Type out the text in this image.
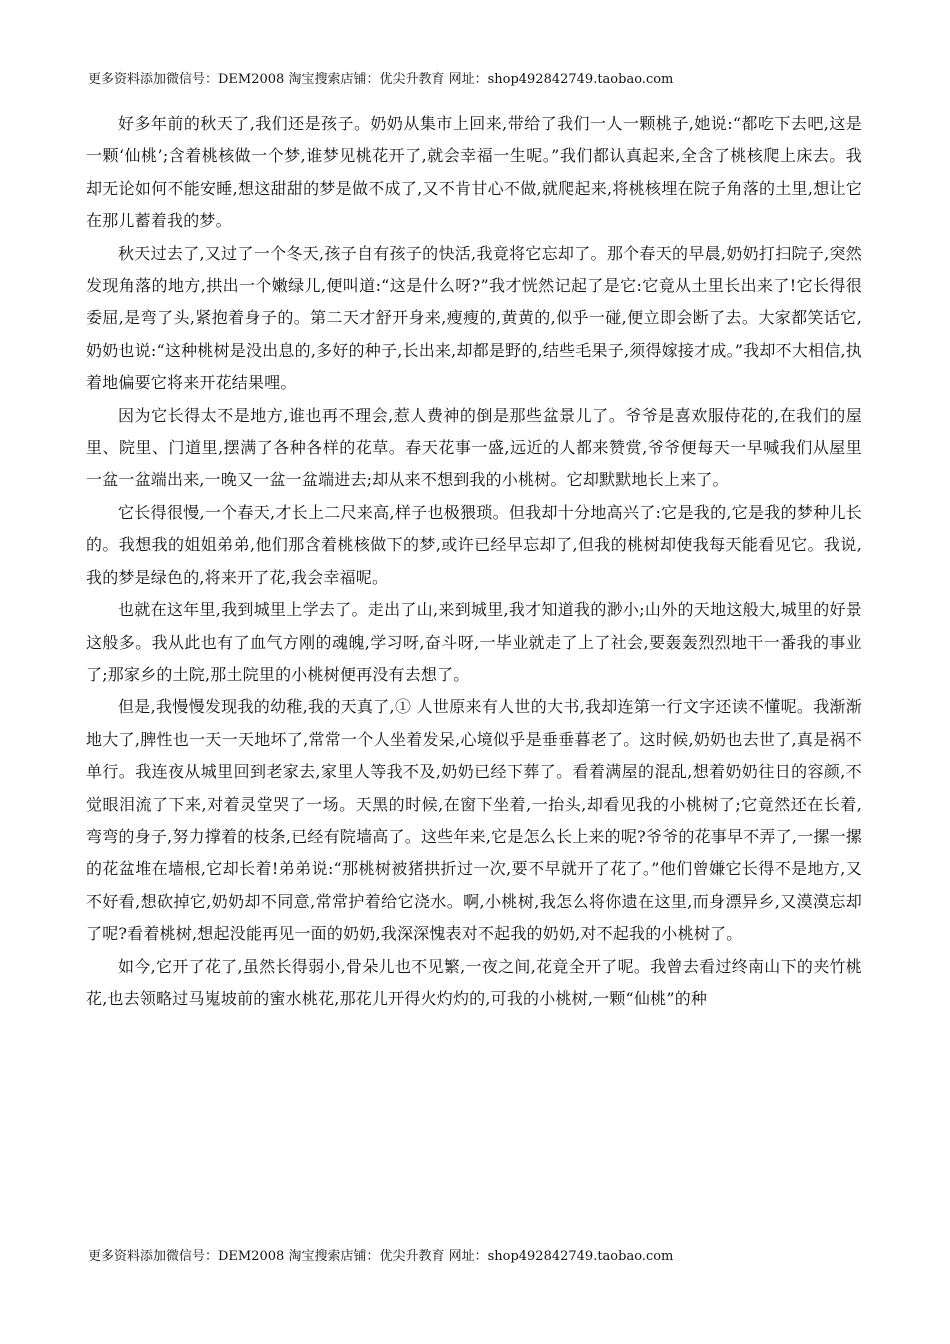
更多资料添加微信号：DEM2008 淘宝搜索店铺：优尖升教育 网址：shop492842749.taobao.com

好多年前的秋天了,我们还是孩子。奶奶从集市上回来,带给了我们一人一颗桃子,她说:“都吃下去吧,这是一颗‘仙桃’;含着桃核做一个梦,谁梦见桃花开了,就会幸福一生呢。”我们都认真起来,全含了桃核爬上床去。我却无论如何不能安睡,想这甜甜的梦是做不成了,又不肯甘心不做,就爬起来,将桃核埋在院子角落的土里,想让它在那儿蓄着我的梦。

秋天过去了,又过了一个冬天,孩子自有孩子的快活,我竟将它忘却了。那个春天的早晨,奶奶打扫院子,突然发现角落的地方,拱出一个嫩绿儿,便叫道:“这是什么呀?”我才恍然记起了是它:它竟从土里长出来了!它长得很委屈,是弯了头,紧抱着身子的。第二天才舒开身来,瘦瘦的,黄黄的,似乎一碰,便立即会断了去。大家都笑话它,奶奶也说:“这种桃树是没出息的,多好的种子,长出来,却都是野的,结些毛果子,须得嫁接才成。”我却不大相信,执着地偏要它将来开花结果哩。

因为它长得太不是地方,谁也再不理会,惹人费神的倒是那些盆景儿了。爷爷是喜欢服侍花的,在我们的屋里、院里、门道里,摆满了各种各样的花草。春天花事一盛,远近的人都来赞赏,爷爷便每天一早喊我们从屋里一盆一盆端出来,一晚又一盆一盆端进去;却从来不想到我的小桃树。它却默默地长上来了。

它长得很慢,一个春天,才长上二尺来高,样子也极猥琐。但我却十分地高兴了:它是我的,它是我的梦种儿长的。我想我的姐姐弟弟,他们那含着桃核做下的梦,或许已经早忘却了,但我的桃树却使我每天能看见它。我说,我的梦是绿色的,将来开了花,我会幸福呢。

也就在这年里,我到城里上学去了。走出了山,来到城里,我才知道我的渺小;山外的天地这般大,城里的好景这般多。我从此也有了血气方刚的魂魄,学习呀,奋斗呀,一毕业就走了上了社会,要轰轰烈烈地干一番我的事业了;那家乡的土院,那土院里的小桃树便再没有去想了。

但是,我慢慢发现我的幼稚,我的天真了,① 人世原来有人世的大书,我却连第一行文字还读不懂呢。我渐渐地大了,脾性也一天一天地坏了,常常一个人坐着发呆,心境似乎是垂垂暮老了。这时候,奶奶也去世了,真是祸不单行。我连夜从城里回到老家去,家里人等我不及,奶奶已经下葬了。看着满屋的混乱,想着奶奶往日的容颜,不觉眼泪流了下来,对着灵堂哭了一场。天黑的时候,在窗下坐着,一抬头,却看见我的小桃树了;它竟然还在长着,弯弯的身子,努力撑着的枝条,已经有院墙高了。这些年来,它是怎么长上来的呢?爷爷的花事早不弄了,一摞一摞的花盆堆在墙根,它却长着!弟弟说:“那桃树被猪拱折过一次,要不早就开了花了。”他们曾嫌它长得不是地方,又不好看,想砍掉它,奶奶却不同意,常常护着给它浇水。啊,小桃树,我怎么将你遗在这里,而身漂异乡,又漠漠忘却了呢?看着桃树,想起没能再见一面的奶奶,我深深愧表对不起我的奶奶,对不起我的小桃树了。

如今,它开了花了,虽然长得弱小,骨朵儿也不见繁,一夜之间,花竟全开了呢。我曾去看过终南山下的夹竹桃花,也去领略过马嵬坡前的蜜水桃花,那花儿开得火灼灼的,可我的小桃树,一颗“仙桃”的种

更多资料添加微信号：DEM2008 淘宝搜索店铺：优尖升教育 网址：shop492842749.taobao.com
